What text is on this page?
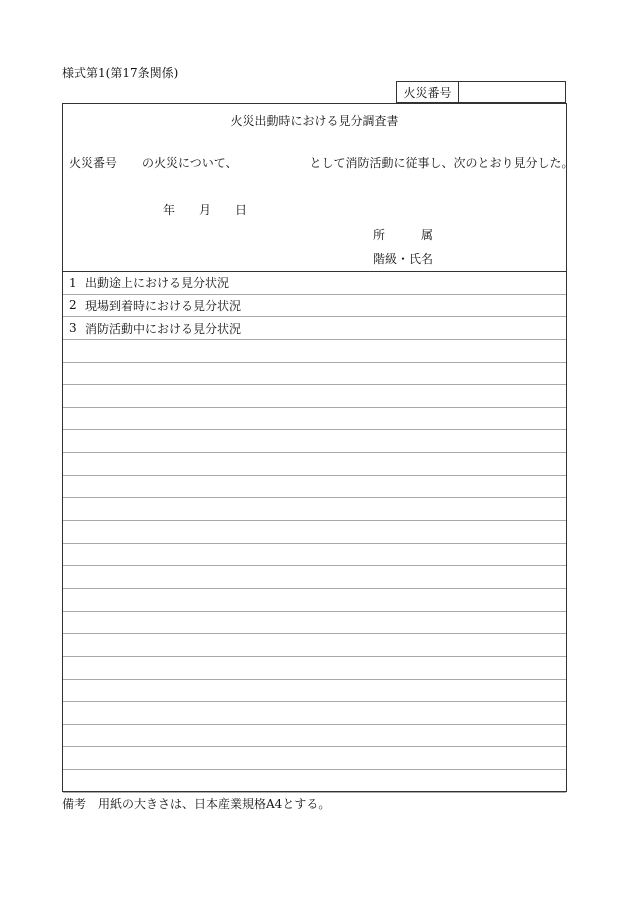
様式第1(第17条関係)
火災番号
火災出動時における見分調査書
火災番号 の火災について、	として消防活動に従事し、次のとおり見分した。
年 月 日
所	属
階級・氏名
1 出動途上における見分状況
2 現場到着時における見分状況
3 消防活動中における見分状況
備考 用紙の大きさは、日本産業規格A4とする。
